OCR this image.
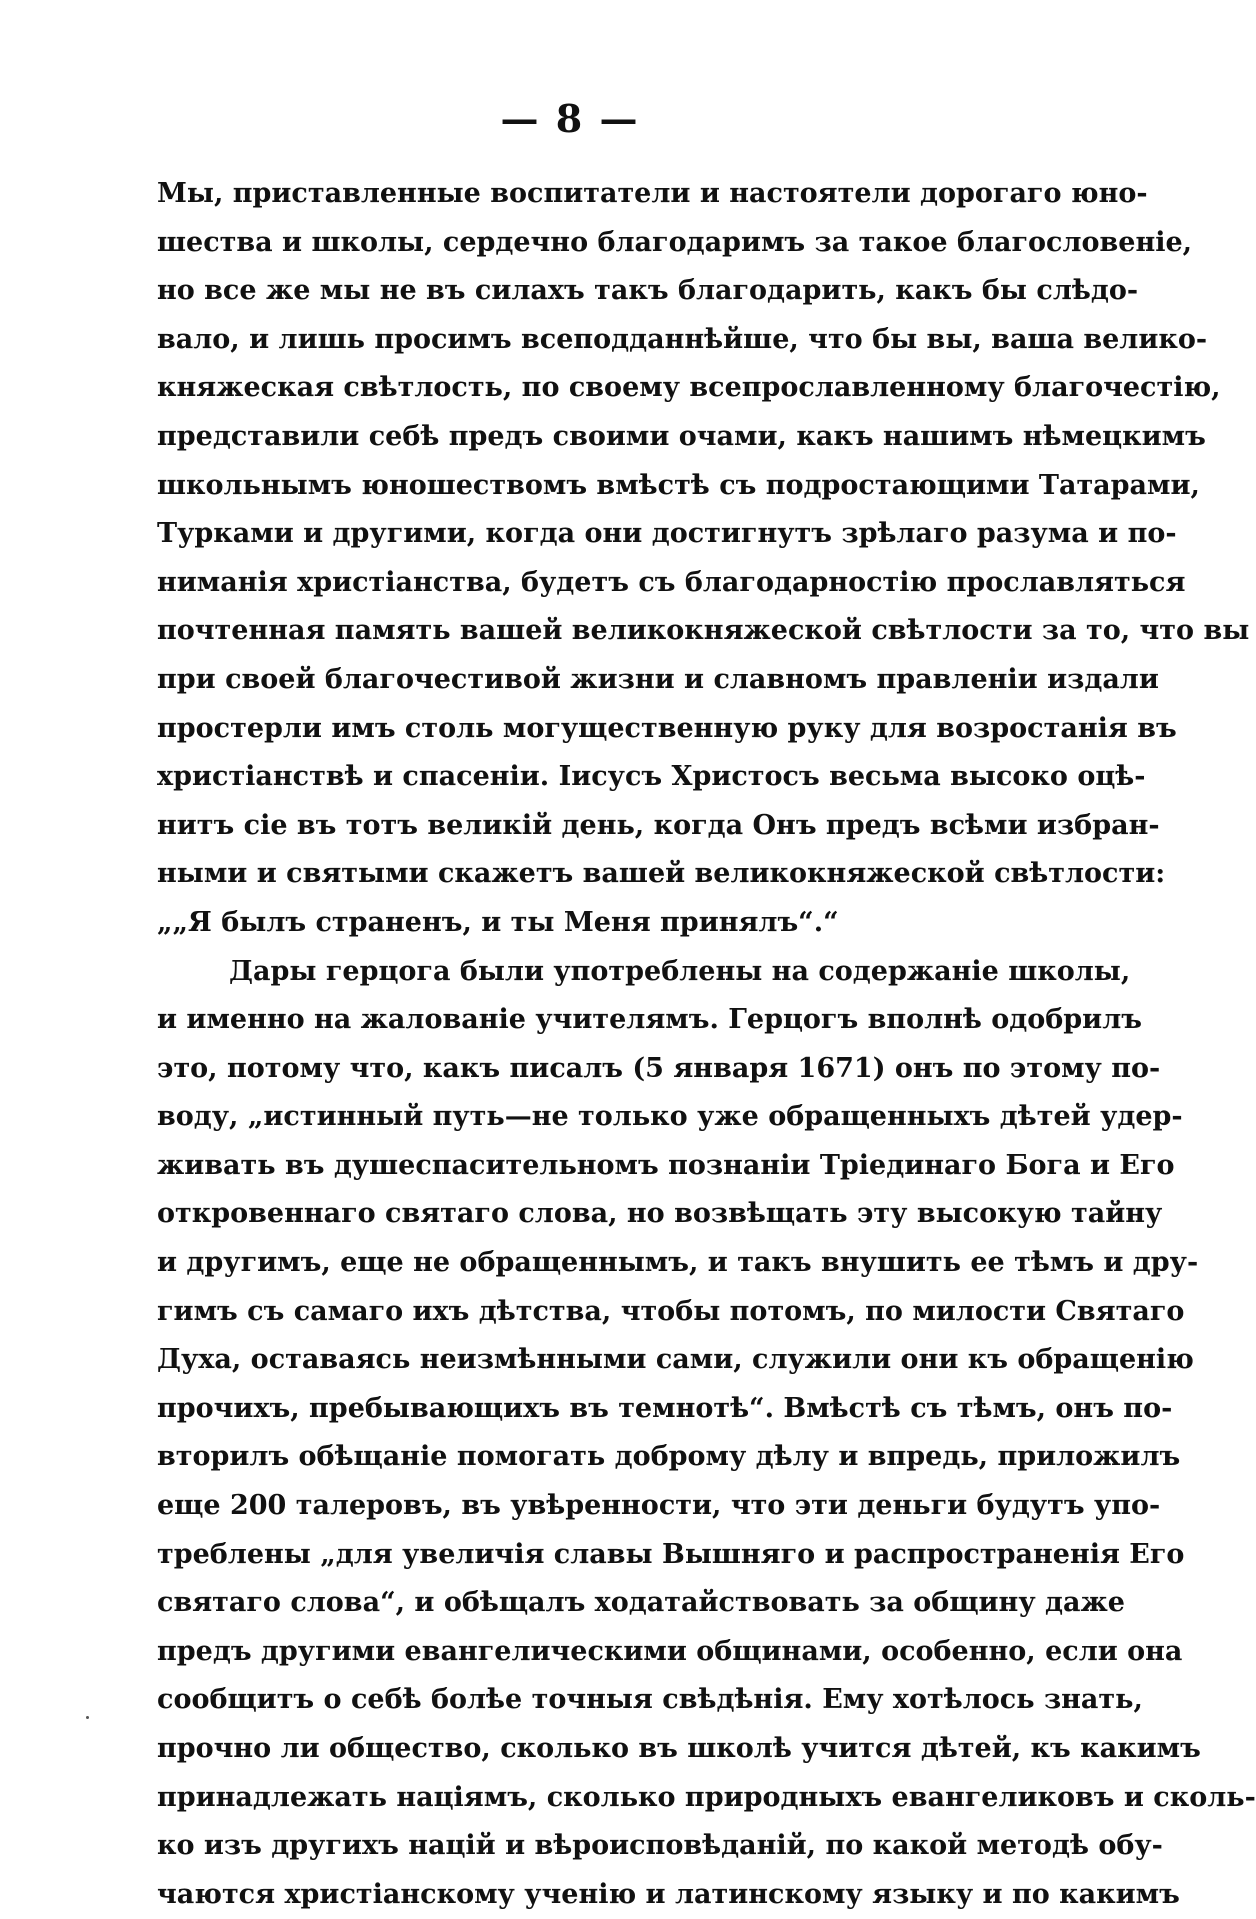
— 8 —
Мы, приставленные воспитатели и настоятели дорогаго юно-
шества и школы, сердечно благодаримъ за такое благословеніе,
но все же мы не въ силахъ такъ благодарить, какъ бы слѣдо-
вало, и лишь просимъ всеподданнѣйше, что бы вы, ваша велико-
княжеская свѣтлость, по своему всепрославленному благочестію,
представили себѣ предъ своими очами, какъ нашимъ нѣмецкимъ
школьнымъ юношествомъ вмѣстѣ съ подростающими Татарами,
Турками и другими, когда они достигнутъ зрѣлаго разума и по-
ниманія христіанства, будетъ съ благодарностію прославляться
почтенная память вашей великокняжеской свѣтлости за то, что вы
при своей благочестивой жизни и славномъ правленіи издали
простерли имъ столь могущественную руку для возростанія въ
христіанствѣ и спасеніи. Іисусъ Христосъ весьма высоко оцѣ-
нитъ сіе въ тотъ великій день, когда Онъ предъ всѣми избран-
ными и святыми скажетъ вашей великокняжеской свѣтлости:
„„Я былъ страненъ, и ты Меня принялъ“.“
Дары герцога были употреблены на содержаніе школы,
и именно на жалованіе учителямъ. Герцогъ вполнѣ одобрилъ
это, потому что, какъ писалъ (5 января 1671) онъ по этому по-
воду, „истинный путь—не только уже обращенныхъ дѣтей удер-
живать въ душеспасительномъ познаніи Тріединаго Бога и Его
откровеннаго святаго слова, но возвѣщать эту высокую тайну
и другимъ, еще не обращеннымъ, и такъ внушить ее тѣмъ и дру-
гимъ съ самаго ихъ дѣтства, чтобы потомъ, по милости Святаго
Духа, оставаясь неизмѣнными сами, служили они къ обращенію
прочихъ, пребывающихъ въ темнотѣ“. Вмѣстѣ съ тѣмъ, онъ по-
вторилъ обѣщаніе помогать доброму дѣлу и впредь, приложилъ
еще 200 талеровъ, въ увѣренности, что эти деньги будутъ упо-
треблены „для увеличія славы Вышняго и распространенія Его
святаго слова“, и обѣщалъ ходатайствовать за общину даже
предъ другими евангелическими общинами, особенно, если она
сообщитъ о себѣ болѣе точныя свѣдѣнія. Ему хотѣлось знать,
прочно ли общество, сколько въ школѣ учится дѣтей, къ какимъ
принадлежать націямъ, сколько природныхъ евангеликовъ и сколь-
ко изъ другихъ націй и вѣроисповѣданій, по какой методѣ обу-
чаются христіанскому ученію и латинскому языку и по какимъ
